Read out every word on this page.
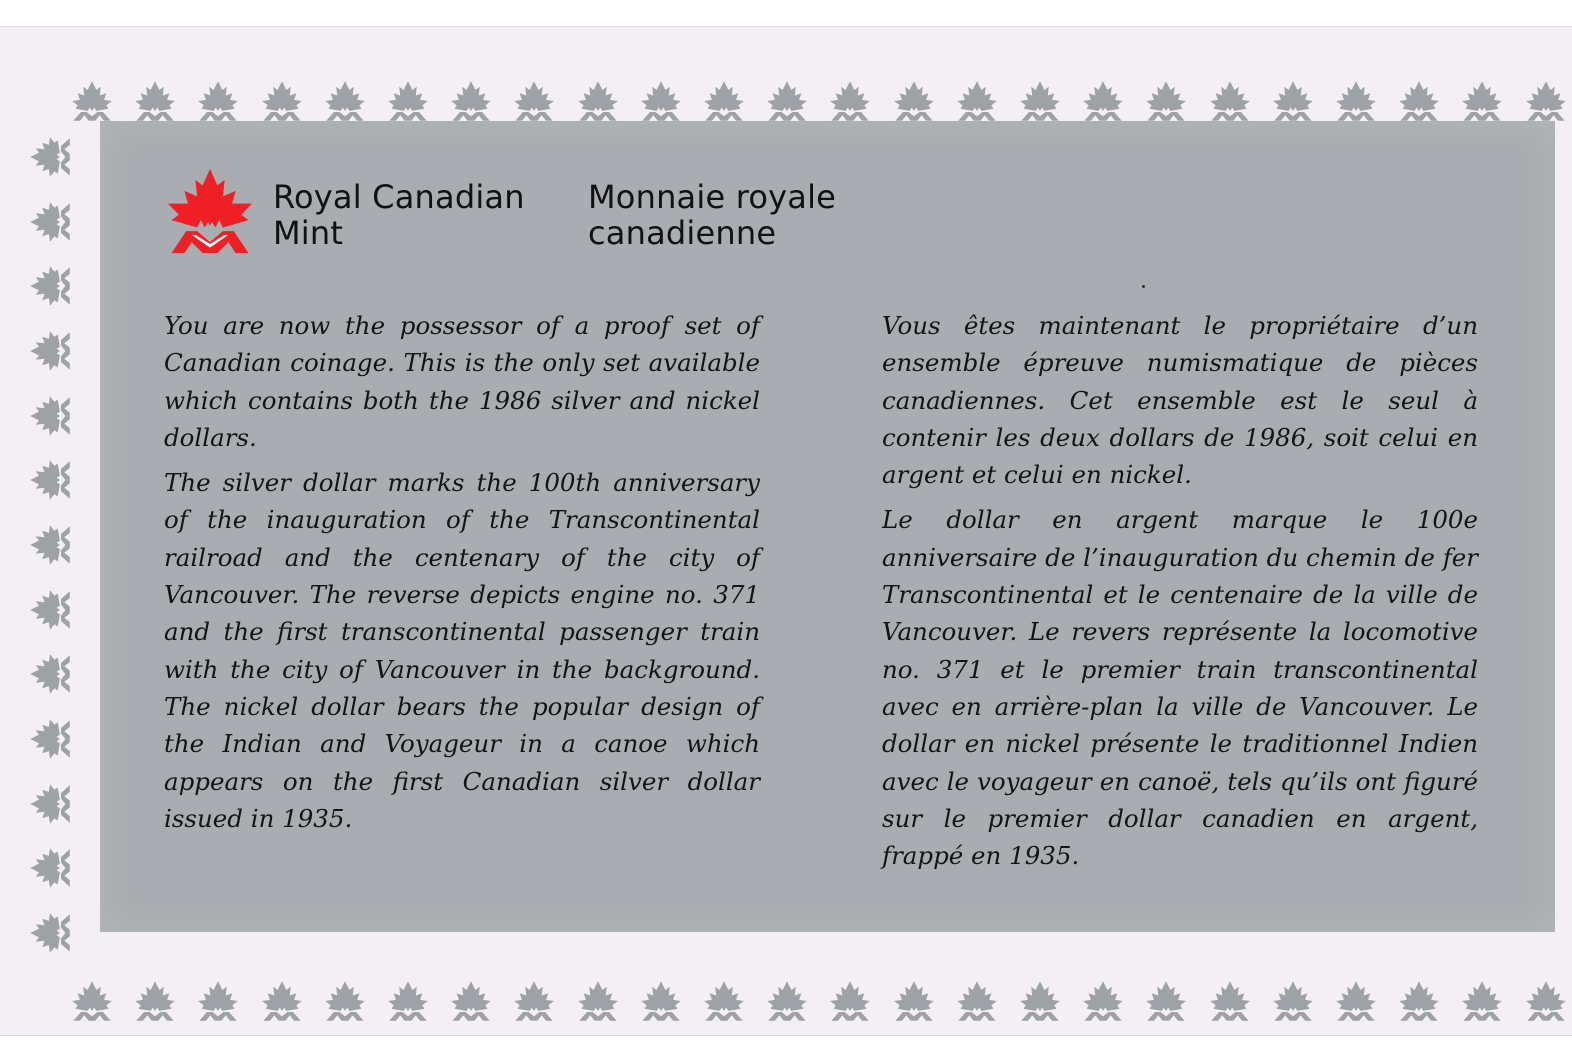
Royal Canadian
Mint
Monnaie royale
canadienne

You are now the possessor of a proof set of Canadian coinage. This is the only set available which contains both the 1986 silver and nickel dollars.

The silver dollar marks the 100th anniversary of the inauguration of the Transcontinental railroad and the centenary of the city of Vancouver. The reverse depicts engine no. 371 and the first transcontinental passenger train with the city of Vancouver in the background. The nickel dollar bears the popular design of the Indian and Voyageur in a canoe which appears on the first Canadian silver dollar issued in 1935.

Vous êtes maintenant le propriétaire d’un ensemble épreuve numismatique de pièces canadiennes. Cet ensemble est le seul à contenir les deux dollars de 1986, soit celui en argent et celui en nickel.

Le dollar en argent marque le 100e anniversaire de l’inauguration du chemin de fer Transcontinental et le centenaire de la ville de Vancouver. Le revers représente la locomotive no. 371 et le premier train transcontinental avec en arrière-plan la ville de Vancouver. Le dollar en nickel présente le traditionnel Indien avec le voyageur en canoë, tels qu’ils ont figuré sur le premier dollar canadien en argent, frappé en 1935.
